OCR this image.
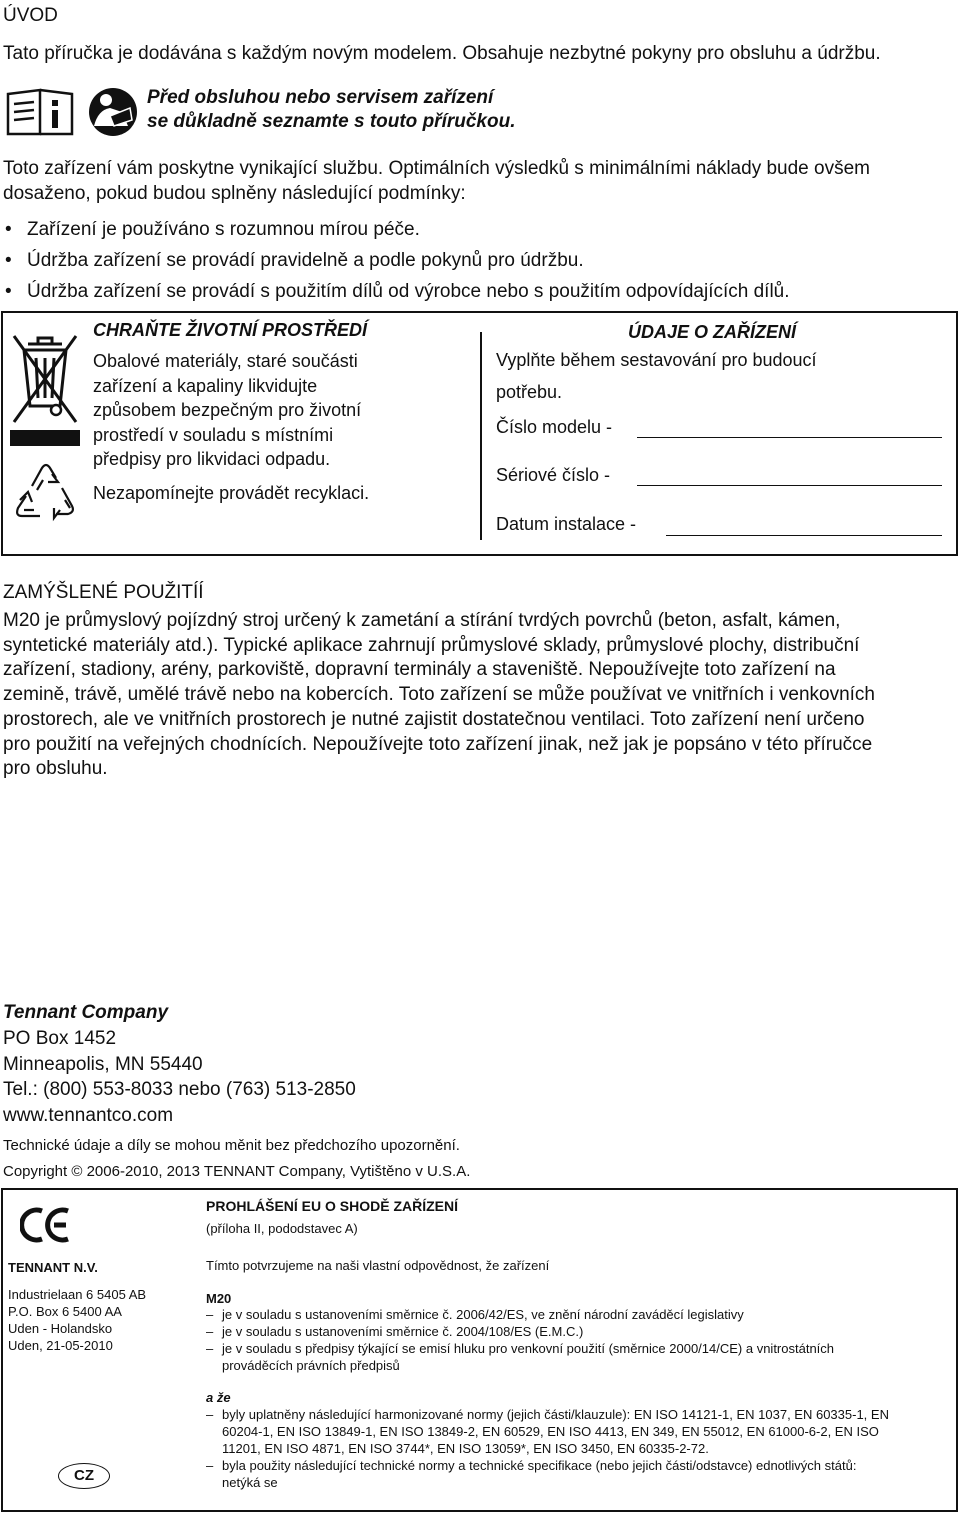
ÚVOD
Tato příručka je dodávána s každým novým modelem. Obsahuje nezbytné pokyny pro obsluhu a údržbu.
Před obsluhou nebo servisem zařízení
se důkladně seznamte s touto příručkou.
Toto zařízení vám poskytne vynikající službu. Optimálních výsledků s minimálními náklady bude ovšem dosaženo, pokud budou splněny následující podmínky:
• Zařízení je používáno s rozumnou mírou péče.
• Údržba zařízení se provádí pravidelně a podle pokynů pro údržbu.
• Údržba zařízení se provádí s použitím dílů od výrobce nebo s použitím odpovídajících dílů.
CHRAŇTE ŽIVOTNÍ PROSTŘEDÍ
Obalové materiály, staré součásti
zařízení a kapaliny likvidujte
způsobem bezpečným pro životní
prostředí v souladu s místními
předpisy pro likvidaci odpadu.
Nezapomínejte provádět recyklaci.
ÚDAJE O ZAŘÍZENÍ
Vyplňte během sestavování pro budoucí
potřebu.
Číslo modelu -
Sériové číslo -
Datum instalace -
ZAMÝŠLENÉ POUŽITÍÍ
M20 je průmyslový pojízdný stroj určený k zametání a stírání tvrdých povrchů (beton, asfalt, kámen,
syntetické materiály atd.). Typické aplikace zahrnují průmyslové sklady, průmyslové plochy, distribuční
zařízení, stadiony, arény, parkoviště, dopravní terminály a staveniště. Nepoužívejte toto zařízení na
zemině, trávě, umělé trávě nebo na kobercích. Toto zařízení se může používat ve vnitřních i venkovních
prostorech, ale ve vnitřních prostorech je nutné zajistit dostatečnou ventilaci. Toto zařízení není určeno
pro použití na veřejných chodnících. Nepoužívejte toto zařízení jinak, než jak je popsáno v této příručce
pro obsluhu.
Tennant Company
PO Box 1452
Minneapolis, MN 55440
Tel.: (800) 553-8033 nebo (763) 513-2850
www.tennantco.com
Technické údaje a díly se mohou měnit bez předchozího upozornění.
Copyright © 2006-2010, 2013 TENNANT Company, Vytištěno v U.S.A.
TENNANT N.V.
Industrielaan 6 5405 AB
P.O. Box 6 5400 AA
Uden - Holandsko
Uden, 21-05-2010
CZ
PROHLÁŠENÍ EU O SHODĚ ZAŘÍZENÍ
(příloha II, pododstavec A)
Tímto potvrzujeme na naši vlastní odpovědnost, že zařízení
M20
– je v souladu s ustanoveními směrnice č. 2006/42/ES, ve znění národní zaváděcí legislativy
– je v souladu s ustanoveními směrnice č. 2004/108/ES (E.M.C.)
– je v souladu s předpisy týkající se emisí hluku pro venkovní použití (směrnice 2000/14/CE) a vnitrostátních prováděcích právních předpisů
a že
– byly uplatněny následující harmonizované normy (jejich části/klauzule): EN ISO 14121-1, EN 1037, EN 60335-1, EN 60204-1, EN ISO 13849-1, EN ISO 13849-2, EN 60529, EN ISO 4413, EN 349, EN 55012, EN 61000-6-2, EN ISO 11201, EN ISO 4871, EN ISO 3744*, EN ISO 13059*, EN ISO 3450, EN 60335-2-72.
– byla použity následující technické normy a technické specifikace (nebo jejich části/odstavce) ednotlivých států: netýká se
